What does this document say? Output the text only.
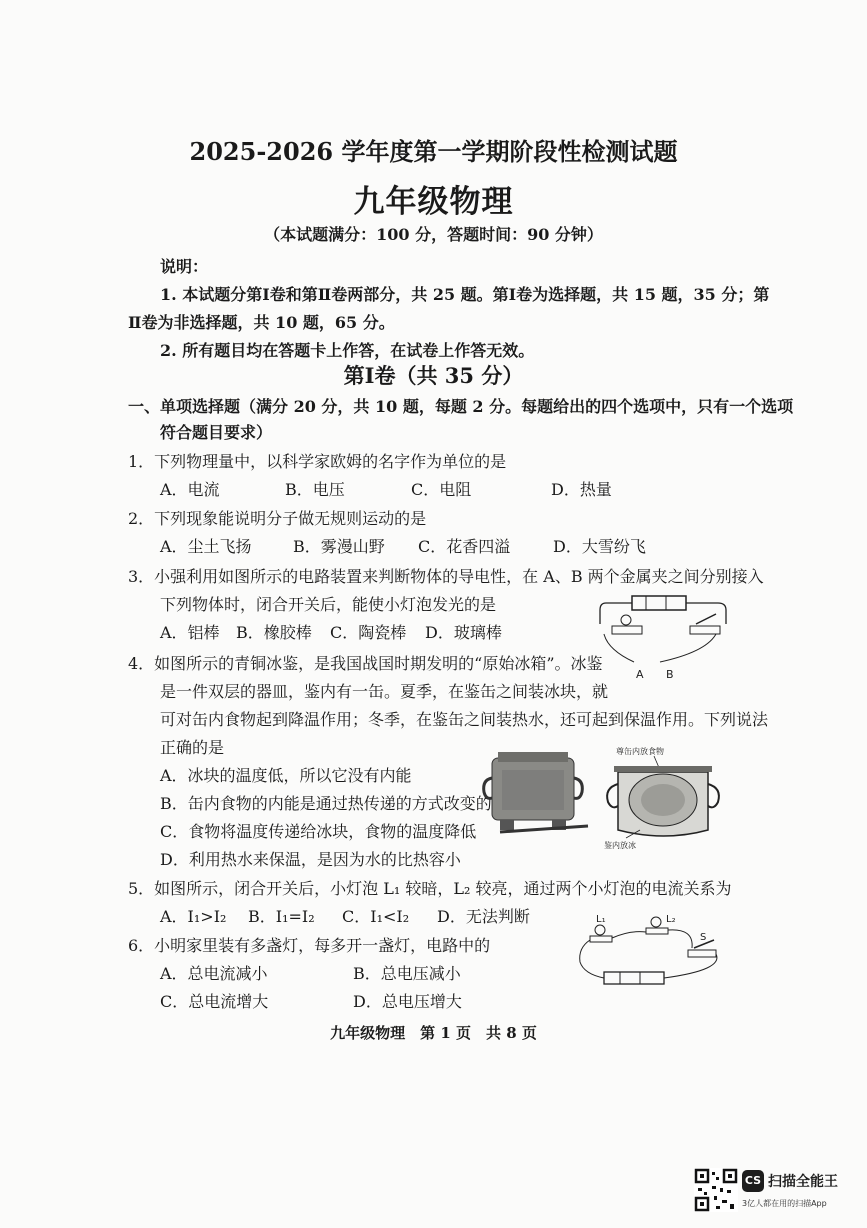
2025-2026 学年度第一学期阶段性检测试题
九年级物理
（本试题满分：100 分，答题时间：90 分钟）
说明：
1. 本试题分第Ⅰ卷和第Ⅱ卷两部分，共 25 题。第Ⅰ卷为选择题，共 15 题，35 分；第
Ⅱ卷为非选择题，共 10 题，65 分。
2. 所有题目均在答题卡上作答，在试卷上作答无效。
第Ⅰ卷（共 35 分）
一、单项选择题（满分 20 分，共 10 题，每题 2 分。每题给出的四个选项中，只有一个选项
符合题目要求）
1．下列物理量中，以科学家欧姆的名字作为单位的是
A．电流	B．电压	C．电阻	D．热量
2．下列现象能说明分子做无规则运动的是
A．尘土飞扬	B．雾漫山野 C．花香四溢	D．大雪纷飞
3．小强利用如图所示的电路装置来判断物体的导电性，在 A、B 两个金属夹之间分别接入
下列物体时，闭合开关后，能使小灯泡发光的是
A．铝棒 B．橡胶棒 C．陶瓷棒 D．玻璃棒
A B
4．如图所示的青铜冰鉴，是我国战国时期发明的“原始冰箱”。冰鉴
是一件双层的器皿，鉴内有一缶。夏季，在鉴缶之间装冰块，就
可对缶内食物起到降温作用；冬季，在鉴缶之间装热水，还可起到保温作用。下列说法
正确的是
A．冰块的温度低，所以它没有内能
B．缶内食物的内能是通过热传递的方式改变的
C．食物将温度传递给冰块，食物的温度降低
D．利用热水来保温，是因为水的比热容小
尊缶内放食物
鉴内放冰
5．如图所示，闭合开关后，小灯泡 L₁ 较暗，L₂ 较亮，通过两个小灯泡的电流关系为
A．I₁>I₂ B．I₁=I₂ C．I₁<I₂ D．无法判断
6．小明家里装有多盏灯，每多开一盏灯，电路中的
A．总电流减小	B．总电压减小
C．总电流增大	D．总电压增大
L₁	L₂
S
九年级物理　第 1 页　共 8 页
CS 扫描全能王
3亿人都在用的扫描App
